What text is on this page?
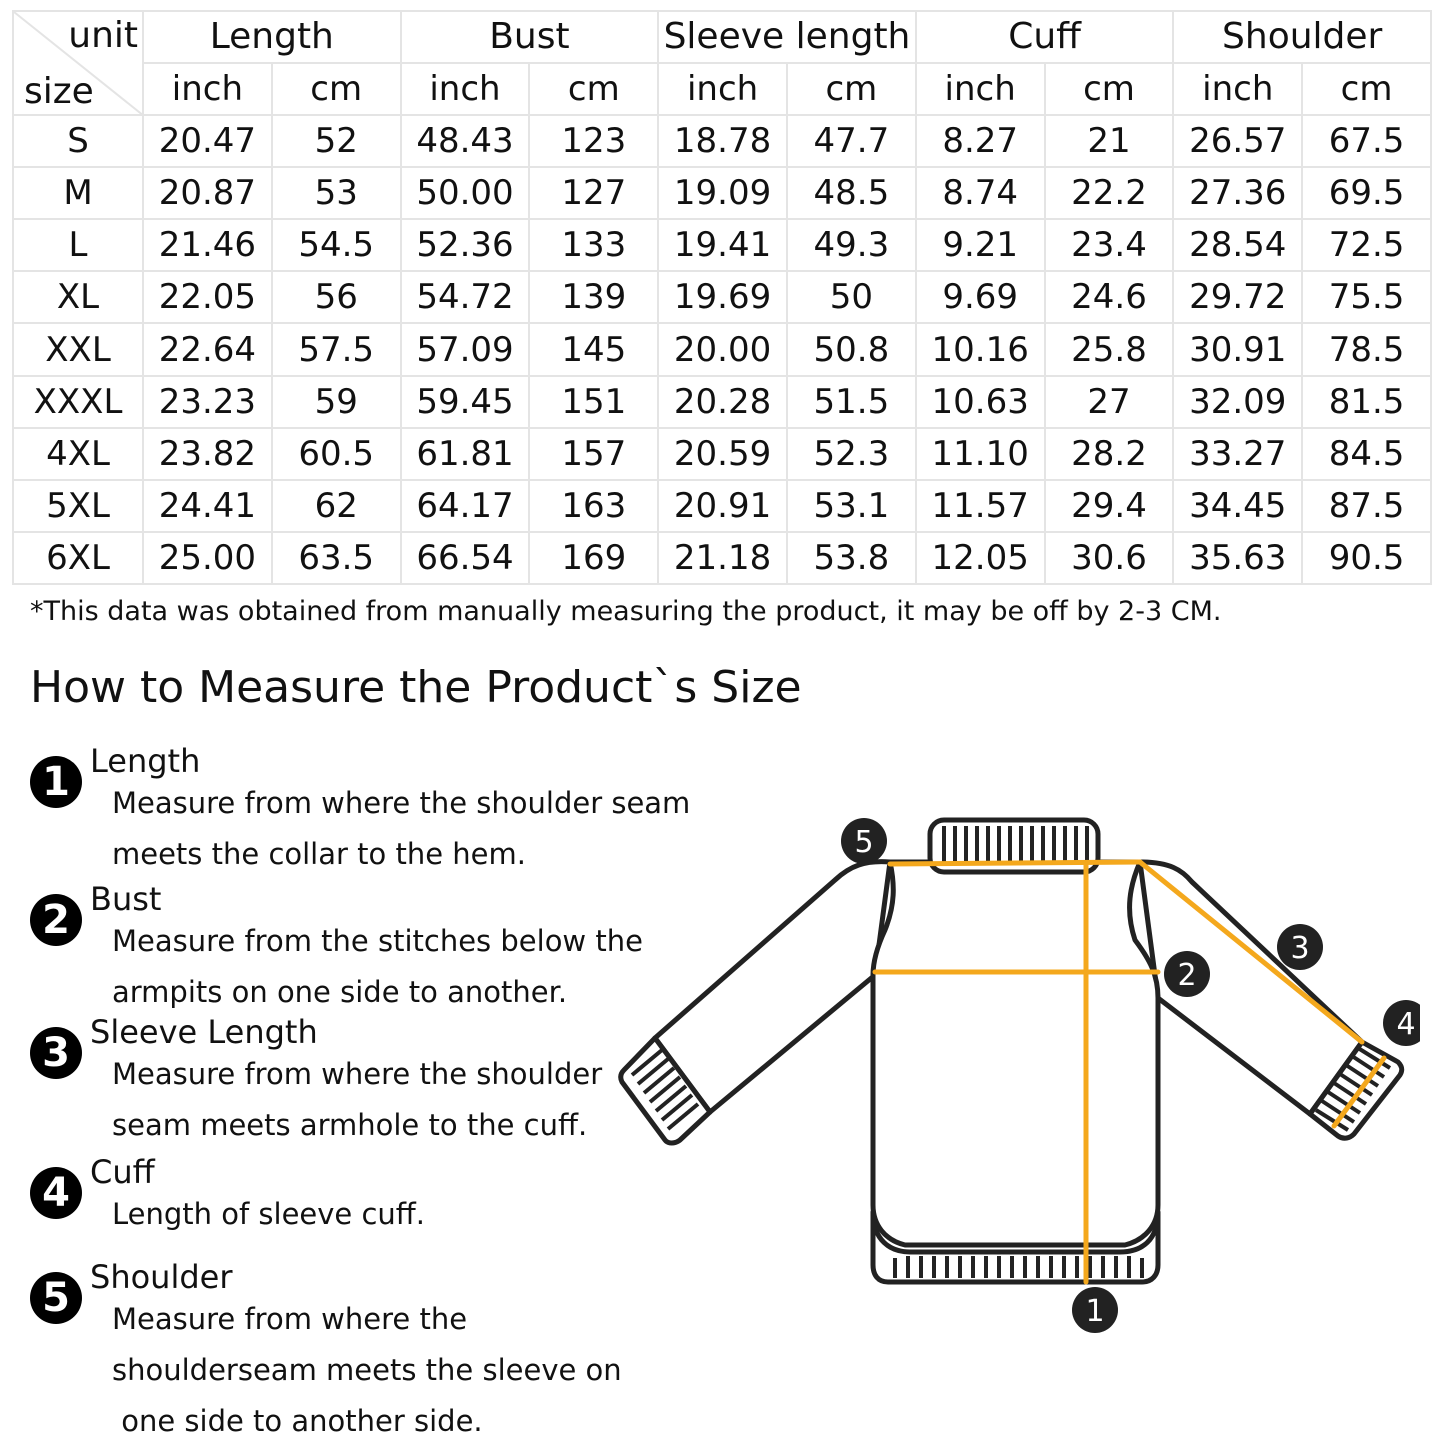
unit
size	Length		Bust		Sleeve length		Cuff		Shoulder	
	inch	cm	inch	cm	inch	cm	inch	cm	inch	cm
S	20.47	52	48.43	123	18.78	47.7	8.27	21	26.57	67.5
M	20.87	53	50.00	127	19.09	48.5	8.74	22.2	27.36	69.5
L	21.46	54.5	52.36	133	19.41	49.3	9.21	23.4	28.54	72.5
XL	22.05	56	54.72	139	19.69	50	9.69	24.6	29.72	75.5
XXL	22.64	57.5	57.09	145	20.00	50.8	10.16	25.8	30.91	78.5
XXXL	23.23	59	59.45	151	20.28	51.5	10.63	27	32.09	81.5
4XL	23.82	60.5	61.81	157	20.59	52.3	11.10	28.2	33.27	84.5
5XL	24.41	62	64.17	163	20.91	53.1	11.57	29.4	34.45	87.5
6XL	25.00	63.5	66.54	169	21.18	53.8	12.05	30.6	35.63	90.5
*This data was obtained from manually measuring the product, it may be off by 2-3 CM.
How to Measure the Product`s Size
1 Length
Measure from where the shoulder seam
meets the collar to the hem.
2 Bust
Measure from the stitches below the
armpits on one side to another.
3 Sleeve Length
Measure from where the shoulder
seam meets armhole to the cuff.
4 Cuff
Length of sleeve cuff.
5 Shoulder
Measure from where the
shoulderseam meets the sleeve on
one side to another side.
5
2
3
4
1
